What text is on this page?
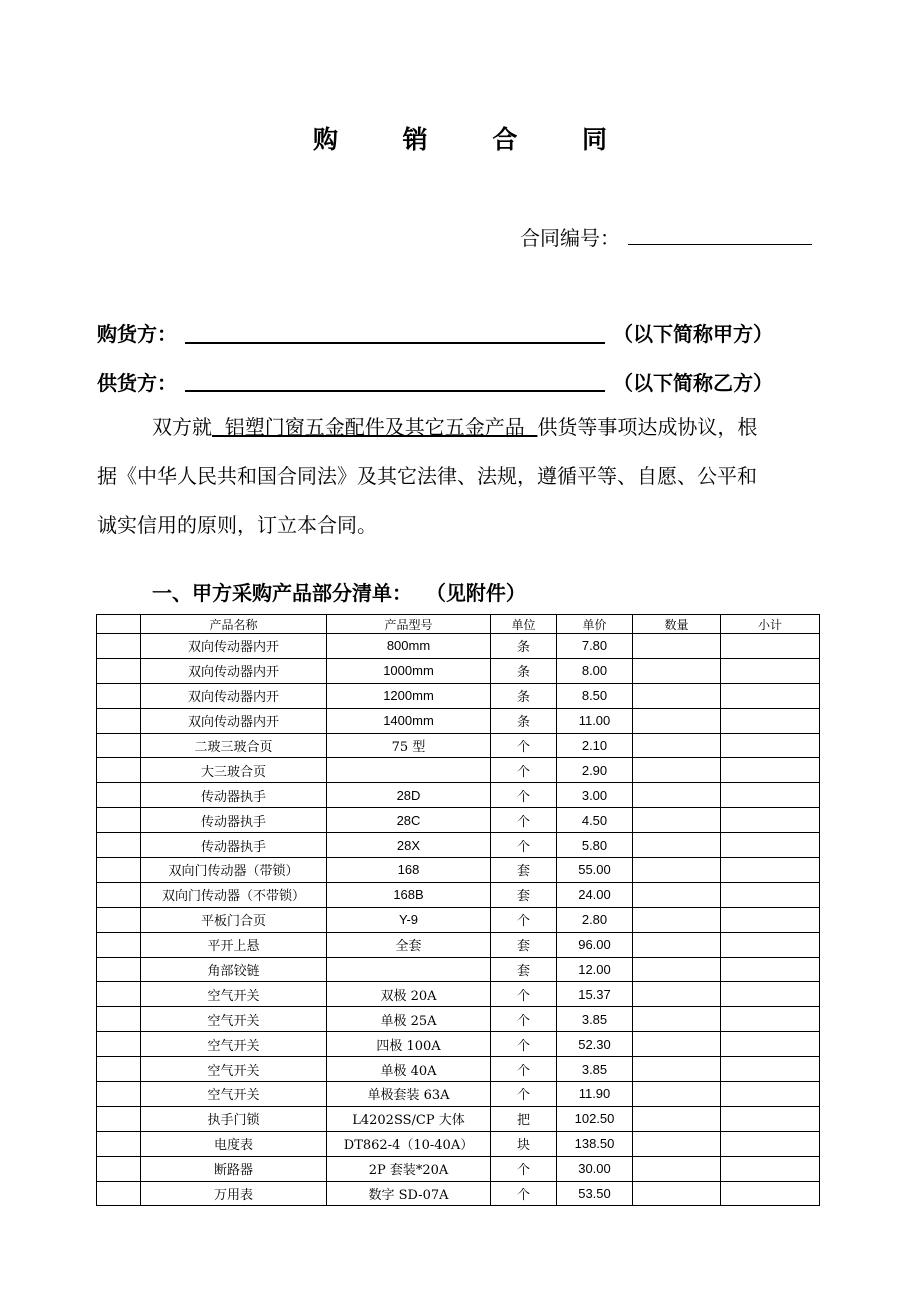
购 销 合 同
合同编号：
购货方：	（以下简称甲方）
供货方：	（以下简称乙方）
双方就  铝塑门窗五金配件及其它五金产品  供货等事项达成协议，根
据《中华人民共和国合同法》及其它法律、法规，遵循平等、自愿、公平和
诚实信用的原则，订立本合同。
一、甲方采购产品部分清单：  （见附件）
	产品名称	产品型号	单位	单价	数量	小计
	双向传动器内开	800mm	条	7.80		
	双向传动器内开	1000mm	条	8.00		
	双向传动器内开	1200mm	条	8.50		
	双向传动器内开	1400mm	条	11.00		
	二玻三玻合页	75 型	个	2.10		
	大三玻合页		个	2.90		
	传动器执手	28D	个	3.00		
	传动器执手	28C	个	4.50		
	传动器执手	28X	个	5.80		
	双向门传动器（带锁）	168	套	55.00		
	双向门传动器（不带锁）	168B	套	24.00		
	平板门合页	Y-9	个	2.80		
	平开上悬	全套	套	96.00		
	角部铰链		套	12.00		
	空气开关	双极 20A	个	15.37		
	空气开关	单极 25A	个	3.85		
	空气开关	四极 100A	个	52.30		
	空气开关	单极 40A	个	3.85		
	空气开关	单极套装 63A	个	11.90		
	执手门锁	L4202SS/CP 大体	把	102.50		
	电度表	DT862-4（10-40A）	块	138.50		
	断路器	2P 套装*20A	个	30.00		
	万用表	数字 SD-07A	个	53.50		
